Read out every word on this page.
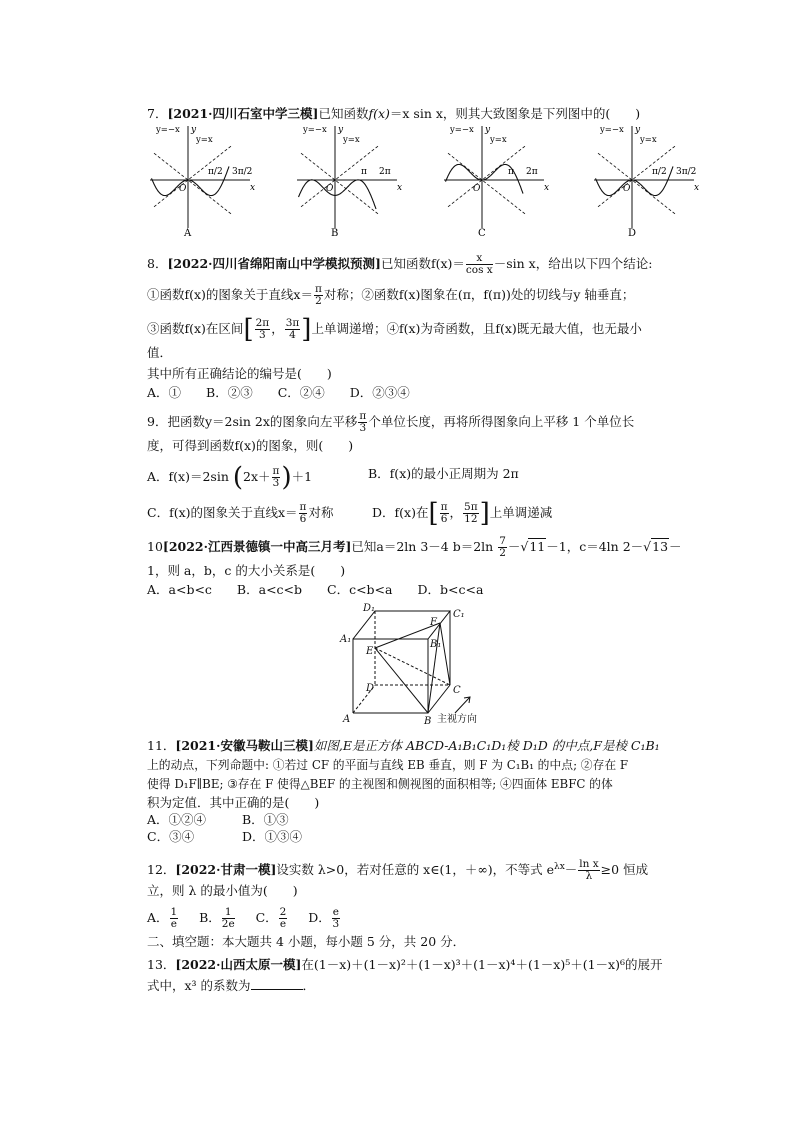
7．[2021·四川石室中学三模]已知函数f(x)＝x sin x，则其大致图象是下列图中的(　　)
y=−x
y=x
y
x
O
π/2 3π/2
A
y=−x
y=x
y
x
O
π 2π
B
y=−x
y=x
y
x
O
π 2π
C
y=−x
y=x
y
x
O
π/2 3π/2
D
8．[2022·四川省绵阳南山中学模拟预测]已知函数$f(x)= \frac{x}{\text{cos x}} -\sin$ x，给出以下四个结论:
①函数f(x)的图象关于直线$x= \frac{\pi}{2}$ 对称；②函数f(x)图象在(π，f(π))处的切线与y 轴垂直；
③函数f(x)在区间[ $\frac{2\pi}{3}$ ， $\frac{3\pi}{4}$ ]上单调递增；④f(x)为奇函数，且f(x)既无最大值，也无最小
值．
其中所有正确结论的编号是(　　)
A．①　　B．②③　　C．②④　　D．②③④
9．把函数y＝2sin 2x的图象向左平移 $\frac{\pi}{3}$ 个单位长度，再将所得图象向上平移 1 个单位长
度，可得到函数f(x)的图象，则(　　)
A．f(x)＝2sin $(2x+ \frac{\pi}{3} )+1$	B．f(x)的最小正周期为 2π
C．f(x)的图象关于直线$x= \frac{\pi}{6}$ 对称	D．f(x)在[ $\frac{\pi}{6}$ ， $\frac{5\pi}{12}$ ]上单调递减
10[2022·江西景德镇一中高三月考]已知a＝2ln 3－4 $b=2\ln \frac{7}{2} -√11-1$，c＝4ln 2－√13－
1，则 a，b，c 的大小关系是(　　)
A．a<b<c　　B．a<c<b　　C．c<b<a　　D．b<c<a
D₁
A₁
F
C₁
E
B₁
D	C
A	B 主视方向
11．[2021·安徽马鞍山三模]如图,E是正方体 ABCD-A₁B₁C₁D₁棱 D₁D 的中点,F是棱 C₁B₁
上的动点，下列命题中: ①若过 CF 的平面与直线 EB 垂直，则 F 为 C₁B₁ 的中点; ②存在 F
使得 D₁F∥BE; ③存在 F 使得△BEF 的主视图和侧视图的面积相等; ④四面体 EBFC 的体
积为定值．其中正确的是(　　)
A．①②④	B．①③
C．③④	D．①③④
12．[2022·甘肃一模]设实数 λ>0，若对任意的 x∈(1，＋∞)，不等式 $e^{\lambda x}- \frac{\text{ln x}}{\lambda} \ge 0$ 恒成
立，则 λ 的最小值为(　　)
A． $\frac{1}{e}$ B． $\frac{1}{2e}$ C． $\frac{2}{e}$ D． $\frac{e}{3}$
二、填空题：本大题共 4 小题，每小题 5 分，共 20 分．
13．[2022·山西太原一模]在(1－x)＋(1－x)²＋(1－x)³＋(1－x)⁴＋(1－x)⁵＋(1－x)⁶的展开
式中，x³ 的系数为	．
